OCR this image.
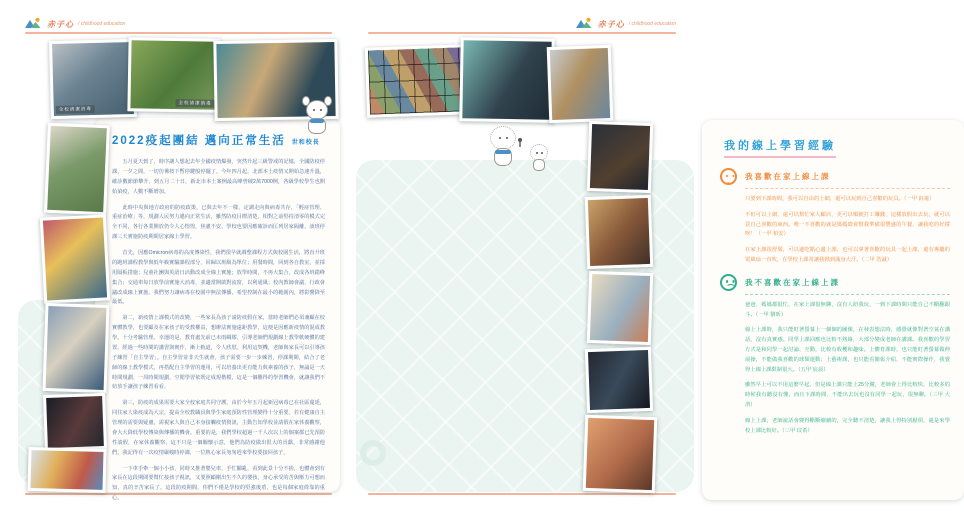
赤子心 / childhood education
全校清潔消毒
全校清潔消毒
2022疫起團結 邁向正常生活 世和校長

五月夏天到了，時序讓人想起去年全國疫情爆發、突然升起三級警戒的記憶，全國防疫停課，一夕之間，一切彷彿按下暫停鍵般停擺了。今年四月起，北部本土疫情又開始急速升溫，確診數節節攀升，到五月二十日，新北市本土案例最高峰曾破2萬7000例，各級學校學生也開始染疫，人數不斷增加。

此時中央與地方政府的防疫政策，已與去年不一樣，定調走向與病毒共存，「輕症管理、重症治療」等，規劃人民努力邁向正常生活，雖然防疫目標清楚，相對之前堅持清零的模式完全不同，各行各業開放仍令人心惶惶，焦慮不安，學校也要因應確診而匡列居家隔離，該班停課三天實施防疫期間居家線上學習。

首先，因應Omicron病毒的高度傳染性，我們很早就調整課程方式與校園生活，將直升班的跑班課程教學與低年級實驗課程部分，回歸以班級為單位；用餐時間，回到各自教室，並採用隔板措施；兒童社團與英語日活動改成全線上實施；放學時間，不再大集合，改成各班錯峰集合；交通車每日放學前實施大消毒，並適當開啟對流窗，以利通風；校內教師會議、行政會議改成線上實施。我們努力讓病毒在校園中無法傳播，希望控制在最小的範圍內，將影響降至最低。

第二，新疫情上課模式的改變，一些家長為孩子請防疫假在家，當時老師們必須兼顧在校實體教學，也要顧及在家孩子的受教權益，想辦法實施遠距教學，這便是因應新疫情的混成教學，十分考驗管理。幸運的是，教育處先前已未雨綢繆，引導老師們規劃線上教學軟硬體的建置，經過一些時間的講習與實作，漸上軌道，令人欣慰。利用這契機，老師與家長可以引導孩子練習「自主學習」。自主學習並非天生就會，孩子需要一步一步練習，停課期間，結合了老師的線上教學模式，再搭配自主學習的運用，可以培養出更有能力與素養的孩子，無論是一天時間規劃、一周時間規劃，空閒學習依既定成規楷模，這是一個難得的學習機會，就讓我們不妨放手讓孩子練習看看。

第三，防疫的成果需要大家全校家庭共同守護，由於今年五月起新冠病毒已在社區蔓延，同住家人染疫成為大宗，提高全校教職員與學生家庭預防性管理變得十分重要。若有健康自主管理的需要與疑慮，需視家人與自己本身接觸疫情資訊，主動告知學校並請假在家休養觀察，會大大降低學校傳染與傳播的機會。重要的是，我們學校超過一千人次以上的個案都已先預防性請假，在家休養觀察，這不只是一個關懷示意，他們為防疫做出很大的貢獻，非常感謝他們。我記得有一次疫情嚴峻時停課，一位熱心家長匆匆趕來學校要接回孩子，

一下車手牽一個小小孩，同時又推著嬰兒車，手忙腳亂，看到此景十分不捨，也體會到有家長在這段期間要幫忙接孩子視訊，又要照顧剛出生不久的嬰孩，身心承受的苦與壓力可想而知，真的辛苦家長了。這段防疫期間，你們不僅是學校的堅強後盾，也是每個家庭倚靠的重心。

赤子心 / childhood education
我的線上學習經驗
我喜歡在家上線上課

只要到下課時間，我可以自由的上網，還可以玩到自己喜歡的玩具。（一甲 鈺蓁）

不但可以上網，還可以幫忙家人顧店，更可以順便打工賺錢，這樣放假出去玩，就可以買自己喜歡的東西。唯一不喜歡的就是媽媽總會幫我準備很豐盛的午餐，讓我吃的好撐呀！（一甲 柏安）

在家上課很舒服，可以邊吃點心邊上課，也可以拿著喜歡的玩具一起上課，還有專屬的電風扇一直吹，在學校上課常讓我熱到滿身大汗。（二甲 浩誠）

我不喜歡在家上線上課

爸爸、媽媽都很忙，在家上課很無聊，沒有人陪我玩，一到下課時間只能自己不斷翻跟斗。（一甲 劉昕）

線上上課時，我只能盯著螢幕上一個個的圖像，在發表想法時，感覺就像對著空氣在講話，沒有真實感。同學上課回應也比較不熱絡，大部分變成老師在講課。我喜歡的學習方式是和同學一起討論、互動，比較有收穫和趣味。上體育課時，也只能盯著螢幕做伸展操，不能做我喜歡的球類運動；上藝術課，也只能看簡報介紹，不能實際操作，我覺得上線上課限制很大。（五甲 宸晨）

雖然早上可以不用這麼早起，但是線上課只能上25分鐘，老師會上得比較快，比較多的時候我有聽沒有懂。而且下課時間，不能出去玩也沒有同學一起玩，很無聊。（三甲 大淯）

線上上課，老師說話會變得斷斷續續的，完全聽不清楚，讓我上得特別厭煩，還是來學校上課比較好。（三甲 玟希）
